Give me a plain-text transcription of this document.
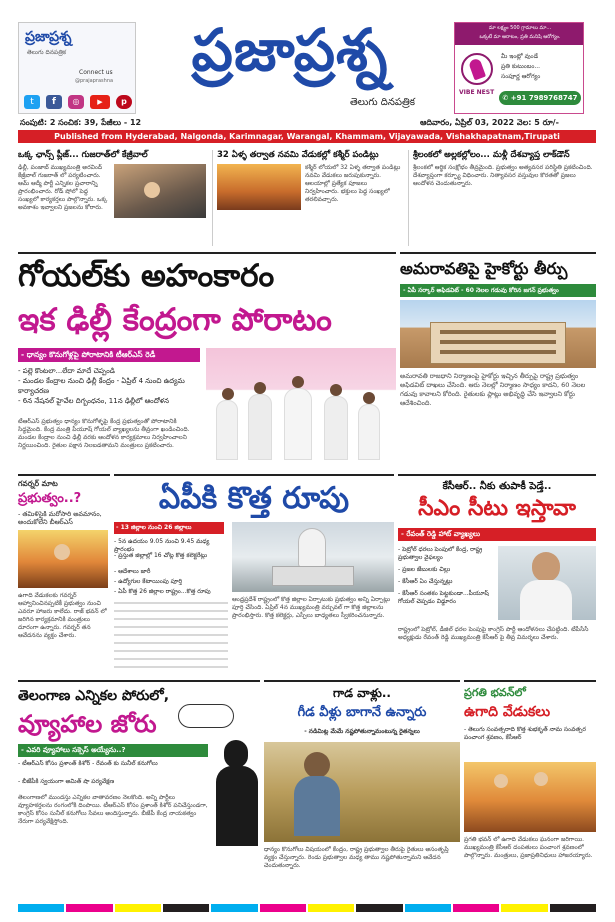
ప్రజాప్రశ్న
తెలుగు దినపత్రిక
Connect us
@prajaprashna
t	f	◎	▶	p
ప్రజాప్రశ్న
తెలుగు దినపత్రిక
మా లక్ష్యం 500 గ్రామాలు మా...
ఒక్కటే మా ఆరాటం, ప్రతి మనిషి ఆరోగ్యం.
VIBE NEST
మీ ఇంట్లో వుండే
ప్రతి కుటుంబం...
సంపూర్ణ ఆరోగ్యం
✆ +91 7989768747
సంపుటి: 2 సంచిక: 39, పేజీలు - 12	ఆదివారం, ఏప్రిల్ 03, 2022 వెల: 5 రూ/-
Published from Hyderabad, Nalgonda, Karimnagar, Warangal, Khammam, Vijayawada, Vishakhapatnam,Tirupati
ఒక్క ఛాన్స్ ప్లీజ్... గుజరాత్‌లో కేజ్రీవాల్
ఢిల్లీ, పంజాబ్ ముఖ్యమంత్రి అరవింద్ కేజ్రీవాల్ గుజరాత్ లో పర్యటించారు. ఆమ్ ఆద్మీ పార్టీ ఎన్నికల ప్రచారాన్ని ప్రారంభించారు. రోడ్ షోలో పెద్ద సంఖ్యలో కార్యకర్తలు పాల్గొన్నారు. ఒక్క అవకాశం ఇవ్వాలని ప్రజలను కోరారు.
32 ఏళ్ళ తర్వాత నవమి వేడుకల్లో కశ్మీర్ పండిట్లు
కశ్మీర్ లోయలో 32 ఏళ్ళ తర్వాత పండిట్లు నవమి వేడుకలు జరుపుకున్నారు. ఆలయాల్లో ప్రత్యేక పూజలు నిర్వహించారు. భక్తులు పెద్ద సంఖ్యలో తరలివచ్చారు.
శ్రీలంకలో అల్లకల్లోలం... మళ్లీ దేశవ్యాప్త లాక్‌డౌన్
శ్రీలంకలో ఆర్థిక సంక్షోభం తీవ్రమైంది. ప్రభుత్వం అత్యవసర పరిస్థితి ప్రకటించింది. దేశవ్యాప్తంగా కర్ఫ్యూ విధించారు. నిత్యావసర వస్తువుల కొరతతో ప్రజలు ఆందోళన చెందుతున్నారు.
గోయల్‌కు అహంకారం
ఇక ఢిల్లీ కేంద్రంగా పోరాటం
- ధాన్యం కొనుగోళ్లపై పోరాటానికి టీఆర్ఎస్ రెడీ
- పల్లె కొంటలా...లేదా మాదే చెప్పండి
- మండల కేంద్రాల నుంచి ఢిల్లీ కేంద్రం - ఏప్రిల్ 4 నుంచి ఉద్యమ కార్యాచరణ
- 6న నేషనల్ హైవేల దిగ్బంధనం, 11న ఢిల్లీలో ఆందోళన
టీఆర్ఎస్ ప్రభుత్వం ధాన్యం కొనుగోళ్ళపై కేంద్ర ప్రభుత్వంతో పోరాటానికి సిద్ధమైంది. కేంద్ర మంత్రి పీయూష్ గోయల్ వ్యాఖ్యలను తీవ్రంగా ఖండించింది. మండల కేంద్రాల నుంచి ఢిల్లీ వరకు ఆందోళన కార్యక్రమాలు నిర్వహించాలని నిర్ణయించింది. రైతుల పక్షాన నిలబడతామని మంత్రులు ప్రకటించారు.
అమరావతిపై హైకోర్టు తీర్పు
- ఏపీ సర్కార్ అఫిడవిట్ - 60 నెలల గడువు కోరిన జగన్ ప్రభుత్వం
అమరావతి రాజధాని నిర్మాణంపై హైకోర్టు ఇచ్చిన తీర్పుపై రాష్ట్ర ప్రభుత్వం అఫిడవిట్ దాఖలు చేసింది. ఆరు నెలల్లో నిర్మాణం సాధ్యం కాదని, 60 నెలల గడువు కావాలని కోరింది. రైతులకు ప్లాట్లు అభివృద్ధి చేసి ఇవ్వాలని కోర్టు ఆదేశించింది.
గవర్నర్ మాట
ప్రభుత్వం..?
- తమిళిసైకి మరోసారి అవమానం, అందుకోలేని బీఆర్ఎస్
ఉగాది వేడుకలకు గవర్నర్ ఆహ్వానించినప్పటికీ ప్రభుత్వం నుంచి ఎవరూ హాజరు కాలేదు. రాజ్ భవన్ లో జరిగిన కార్యక్రమానికి మంత్రులు దూరంగా ఉన్నారు. గవర్నర్ తన ఆవేదనను వ్యక్తం చేశారు.
ఏపీకి కొత్త రూపు
- 13 జిల్లాల నుంచి 26 జిల్లాలు
- 5న ఉదయం 9.05 నుంచి 9.45 మధ్య ప్రారంభం
- ప్రస్తుత జిల్లాల్లో 16 చోట్ల కొత్త కలెక్టరేట్లు
- ఆదేశాలు జారీ
- ఉద్యోగుల కేటాయింపు పూర్తి
- ఏపీ కొత్త 26 జిల్లాల రాష్ట్రం...కొత్త రూపు
ఆంధ్రప్రదేశ్ రాష్ట్రంలో కొత్త జిల్లాల ఏర్పాటుకు ప్రభుత్వం అన్ని ఏర్పాట్లు పూర్తి చేసింది. ఏప్రిల్ 4న ముఖ్యమంత్రి వర్చువల్ గా కొత్త జిల్లాలను ప్రారంభిస్తారు. కొత్త కలెక్టర్లు, ఎస్పీలు బాధ్యతలు స్వీకరించనున్నారు.
కేసీఆర్.. నీకు తుపాకీ పెడ్తే..
సీఎం సీటు ఇస్తావా
- రేవంత్ రెడ్డి హాట్ వ్యాఖ్యలు
- పెట్రోల్ ధరలు పెంపులో కేంద్ర, రాష్ట్ర ప్రభుత్వాల వైఫల్యం
- ప్రజల జేబులకు చిల్లు
- కేసీఆర్ ఏం చేస్తున్నట్లు
- కేసీఆర్ సంతకం పెట్టకుండా...పీయూష్ గోయల్ చెప్పడం విడ్డూరం
రాష్ట్రంలో పెట్రోల్, డీజిల్ ధరల పెంపుపై కాంగ్రెస్ పార్టీ ఆందోళనలు చేపట్టింది. టీపీసీసీ అధ్యక్షుడు రేవంత్ రెడ్డి ముఖ్యమంత్రి కేసీఆర్ పై తీవ్ర విమర్శలు చేశారు.
తెలంగాణ ఎన్నికల పోరులో,
వ్యూహాల జోరు
- ఎవరి వ్యూహాలు సక్సెస్ అయ్యేను..?
- టీఆర్ఎస్ కోసం ప్రశాంత్ కిశోర్ - రేవంత్ కు సునీల్ కనుగోలు
- బీజేపీకి స్వయంగా అమిత్ షా పర్యవేక్షణ
తెలంగాణలో ముందస్తు ఎన్నికల వాతావరణం నెలకొంది. అన్ని పార్టీలు వ్యూహకర్తలను రంగంలోకి దింపాయి. టీఆర్ఎస్ కోసం ప్రశాంత్ కిశోర్ పనిచేస్తుండగా, కాంగ్రెస్ కోసం సునీల్ కనుగోలు సేవలు అందిస్తున్నారు. బీజేపీ కేంద్ర నాయకత్వం నేరుగా పర్యవేక్షిస్తోంది.
గాడ వాళ్లు..
గీడ వీళ్లు బాగానే ఉన్నారు
- నడిమిట్ల మేమే నష్టపోతున్నామంటున్న రైతన్నలు
ధాన్యం కొనుగోలు విషయంలో కేంద్రం, రాష్ట్ర ప్రభుత్వాల తీరుపై రైతులు అసంతృప్తి వ్యక్తం చేస్తున్నారు. రెండు ప్రభుత్వాల మధ్య తాము నష్టపోతున్నామని ఆవేదన చెందుతున్నారు.
ప్రగతి భవన్‌లో
ఉగాది వేడుకలు
- తెలుగు సంవత్సరాది కొత్త శుభకృత్ నామ సంవత్సర పంచాంగ శ్రవణం, కేసీఆర్
ప్రగతి భవన్ లో ఉగాది వేడుకలు ఘనంగా జరిగాయి. ముఖ్యమంత్రి కేసీఆర్ దంపతులు పంచాంగ శ్రవణంలో పాల్గొన్నారు. మంత్రులు, ప్రజాప్రతినిధులు హాజరయ్యారు.
